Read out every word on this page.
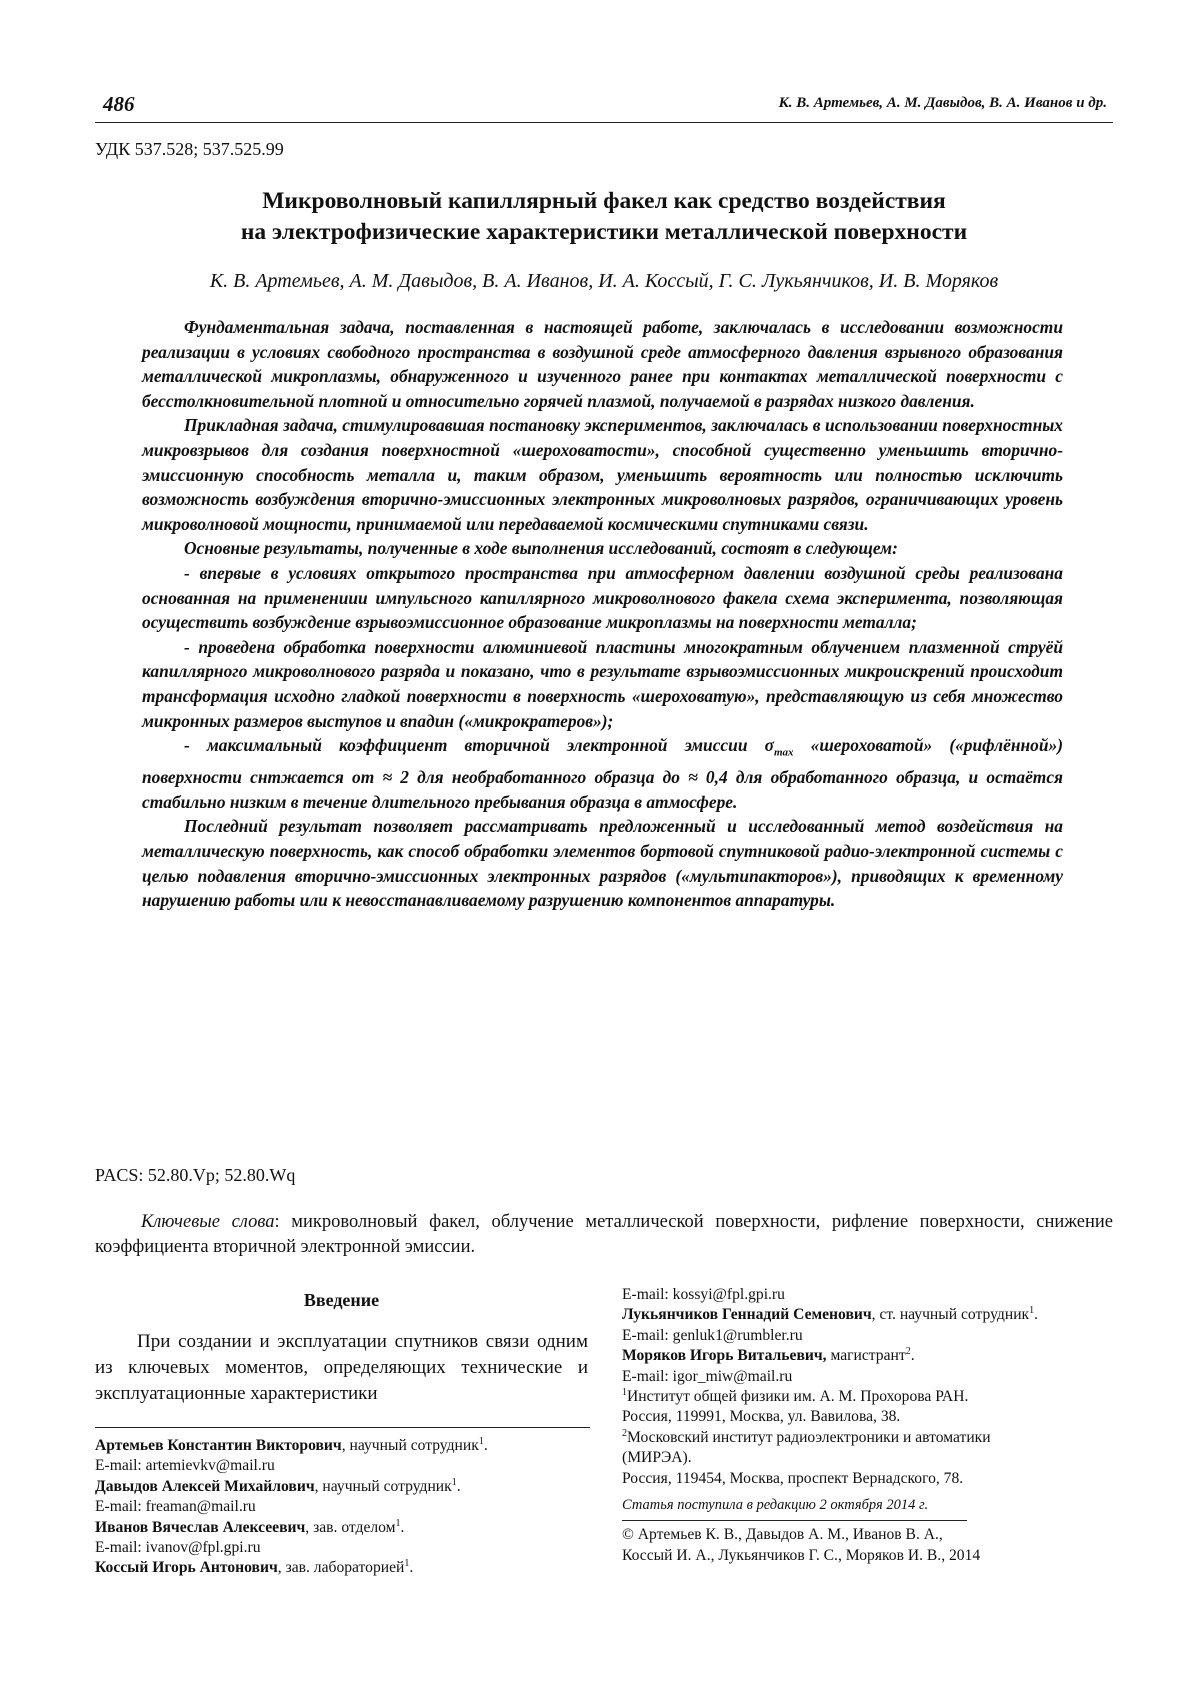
486	К. В. Артемьев, А. М. Давыдов, В. А. Иванов и др.
УДК 537.528; 537.525.99
Микроволновый капиллярный факел как средство воздействия
на электрофизические характеристики металлической поверхности
К. В. Артемьев, А. М. Давыдов, В. А. Иванов, И. А. Коссый, Г. С. Лукьянчиков, И. В. Моряков

Фундаментальная задача, поставленная в настоящей работе, заключалась в исследовании возможности реализации в условиях свободного пространства в воздушной среде атмосферного давления взрывного образования металлической микроплазмы, обнаруженного и изученного ранее при контактах металлической поверхности с бесстолкновительной плотной и относительно горячей плазмой, получаемой в разрядах низкого давления.

Прикладная задача, стимулировавшая постановку экспериментов, заключалась в использовании поверхностных микровзрывов для создания поверхностной «шероховатости», способной существенно уменьшить вторично-эмиссионную способность металла и, таким образом, уменьшить вероятность или полностью исключить возможность возбуждения вторично-эмиссионных электронных микроволновых разрядов, ограничивающих уровень микроволновой мощности, принимаемой или передаваемой космическими спутниками связи.

Основные результаты, полученные в ходе выполнения исследований, состоят в следующем:

- впервые в условиях открытого пространства при атмосферном давлении воздушной среды реализована основанная на применениии импульсного капиллярного микроволнового факела схема эксперимента, позволяющая осуществить возбуждение взрывоэмиссионное образование микроплазмы на поверхности металла;

- проведена обработка поверхности алюминиевой пластины многократным облучением плазменной струёй капиллярного микроволнового разряда и показано, что в результате взрывоэмиссионных микроискрений происходит трансформация исходно гладкой поверхности в поверхность «шероховатую», представляющую из себя множество микронных размеров выступов и впадин («микрократеров»);

- максимальный коэффициент вторичной электронной эмиссии $\sigma_{max}$ «шероховатой» («рифлённой») поверхности снтжается от ≈ 2 для необработанного образца до ≈ 0,4 для обработанного образца, и остаётся стабильно низким в течение длительного пребывания образца в атмосфере.

Последний результат позволяет рассматривать предложенный и исследованный метод воздействия на металлическую поверхность, как способ обработки элементов бортовой спутниковой радио-электронной системы с целью подавления вторично-эмиссионных электронных разрядов («мультипакторов»), приводящих к временному нарушению работы или к невосстанавливаемому разрушению компонентов аппаратуры.

PACS: 52.80.Vp; 52.80.Wq
Ключевые слова: микроволновый факел, облучение металлической поверхности, рифление поверхности, снижение коэффициента вторичной электронной эмиссии.
Введение

При создании и эксплуатации спутников связи одним из ключевых моментов, определяющих технические и эксплуатационные характеристики

Артемьев Константин Викторович, научный сотрудник$^1$.
E-mail: artemievkv@mail.ru
Давыдов Алексей Михайлович, научный сотрудник$^1$.
E-mail: freaman@mail.ru
Иванов Вячеслав Алексеевич, зав. отделом$^1$.
E-mail: ivanov@fpl.gpi.ru
Коссый Игорь Антонович, зав. лабораторией$^1$.
E-mail: kossyi@fpl.gpi.ru
Лукьянчиков Геннадий Семенович, ст. научный сотрудник$^1$.
E-mail: genluk1@rumbler.ru
Моряков Игорь Витальевич, магистрант$^2$.
E-mail: igor_miw@mail.ru
$^1$Институт общей физики им. А. М. Прохорова РАН.
Россия, 119991, Москва, ул. Вавилова, 38.
$^2$Московский институт радиоэлектроники и автоматики
(МИРЭА).
Россия, 119454, Москва, проспект Вернадского, 78.
Статья поступила в редакцию 2 октября 2014 г.
© Артемьев К. В., Давыдов А. М., Иванов В. А.,
Коссый И. А., Лукьянчиков Г. С., Моряков И. В., 2014
